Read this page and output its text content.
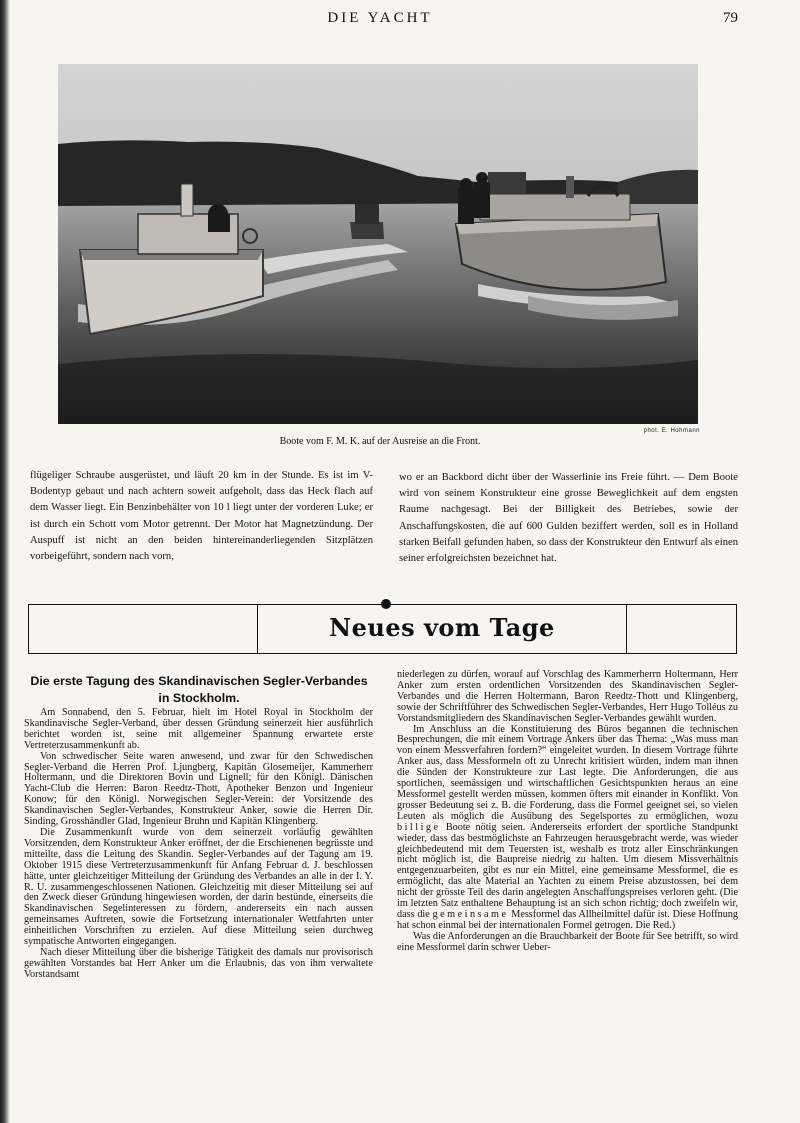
DIE YACHT	79
phot. E. Hohmann
Boote vom F. M. K. auf der Ausreise an die Front.

flügeliger Schraube ausgerüstet, und läuft 20 km in der Stunde. Es ist im V-Bodentyp gebaut und nach achtern soweit aufgeholt, dass das Heck flach auf dem Wasser liegt. Ein Benzinbehälter von 10 l liegt unter der vorderen Luke; er ist durch ein Schott vom Motor getrennt. Der Motor hat Magnetzündung. Der Auspuff ist nicht an den beiden hintereinanderliegenden Sitzplätzen vorbeigeführt, sondern nach vorn,

wo er an Backbord dicht über der Wasserlinie ins Freie führt. — Dem Boote wird von seinem Konstrukteur eine grosse Beweglichkeit auf dem engsten Raume nachgesagt. Bei der Billigkeit des Betriebes, sowie der Anschaffungskosten, die auf 600 Gulden beziffert werden, soll es in Holland starken Beifall gefunden haben, so dass der Konstrukteur den Entwurf als einen seiner erfolgreichsten bezeichnet hat.

Neues vom Tage
Die erste Tagung des Skandinavischen Segler-Verbandes in Stockholm.

Am Sonnabend, den 5. Februar, hielt im Hotel Royal in Stockholm der Skandinavische Segler-Verband, über dessen Gründung seinerzeit hier ausführlich berichtet worden ist, seine mit allgemeiner Spannung erwartete erste Vertreterzusammenkunft ab.

Von schwedischer Seite waren anwesend, und zwar für den Schwedischen Segler-Verband die Herren Prof. Ljungberg, Kapitän Glosemeijer, Kammerherr Holtermann, und die Direktoren Bovin und Lignell; für den Königl. Dänischen Yacht-Club die Herren: Baron Reedtz-Thott, Apotheker Benzon und Ingenieur Konow; für den Königl. Norwegischen Segler-Verein: der Vorsitzende des Skandinavischen Segler-Verbandes, Konstrukteur Anker, sowie die Herren Dir. Sinding, Grosshändler Glad, Ingenieur Bruhn und Kapitän Klingenberg.

Die Zusammenkunft wurde von dem seinerzeit vorläufig gewählten Vorsitzenden, dem Konstrukteur Anker eröffnet, der die Erschienenen begrüsste und mitteilte, dass die Leitung des Skandin. Segler-Verbandes auf der Tagung am 19. Oktober 1915 diese Vertreterzusammenkunft für Anfang Februar d. J. beschlossen hätte, unter gleichzeitiger Mitteilung der Gründung des Verbandes an alle in der I. Y. R. U. zusammengeschlossenen Nationen. Gleichzeitig mit dieser Mitteilung sei auf den Zweck dieser Gründung hingewiesen worden, der darin bestünde, einerseits die Skandinavischen Segelinteressen zu fördern, andererseits ein nach aussen gemeinsames Auftreten, sowie die Fortsetzung internationaler Wettfahrten unter einheitlichen Vorschriften zu erzielen. Auf diese Mitteilung seien durchweg sympatische Antworten eingegangen.

Nach dieser Mitteilung über die bisherige Tätigkeit des damals nur provisorisch gewählten Vorstandes bat Herr Anker um die Erlaubnis, das von ihm verwaltete Vorstandsamt

niederlegen zu dürfen, worauf auf Vorschlag des Kammerherrn Holtermann, Herr Anker zum ersten ordentlichen Vorsitzenden des Skandinavischen Segler-Verbandes und die Herren Holtermann, Baron Reedtz-Thott und Klingenberg, sowie der Schriftführer des Schwedischen Segler-Verbandes, Herr Hugo Tolléus zu Vorstandsmitgliedern des Skandinavischen Segler-Verbandes gewählt wurden.

Im Anschluss an die Konstituierung des Büros begannen die technischen Besprechungen, die mit einem Vortrage Ankers über das Thema: „Was muss man von einem Messverfahren fordern?“ eingeleitet wurden. In diesem Vortrage führte Anker aus, dass Messformeln oft zu Unrecht kritisiert würden, indem man ihnen die Sünden der Konstrukteure zur Last legte. Die Anforderungen, die aus sportlichen, seemässigen und wirtschaftlichen Gesichtspunkten heraus an eine Messformel gestellt werden müssen, kommen öfters mit einander in Konflikt. Von grosser Bedeutung sei z. B. die Forderung, dass die Formel geeignet sei, so vielen Leuten als möglich die Ausübung des Segelsportes zu ermöglichen, wozu billige Boote nötig seien. Andererseits erfordert der sportliche Standpunkt wieder, dass das bestmöglichste an Fahrzeugen herausgebracht werde, was wieder gleichbedeutend mit dem Teuersten ist, weshalb es trotz aller Einschränkungen nicht möglich ist, die Baupreise niedrig zu halten. Um diesem Missverhältnis entgegenzuarbeiten, gibt es nur ein Mittel, eine gemeinsame Messformel, die es ermöglicht, das alte Material an Yachten zu einem Preise abzustossen, bei dem nicht der grösste Teil des darin angelegten Anschaffungspreises verloren geht. (Die im letzten Satz enthaltene Behauptung ist an sich schon richtig; doch zweifeln wir, dass die gemeinsame Messformel das Allheilmittel dafür ist. Diese Hoffnung hat schon einmal bei der internationalen Formel getrogen. Die Red.)

Was die Anforderungen an die Brauchbarkeit der Boote für See betrifft, so wird eine Messformel darin schwer Ueber-
